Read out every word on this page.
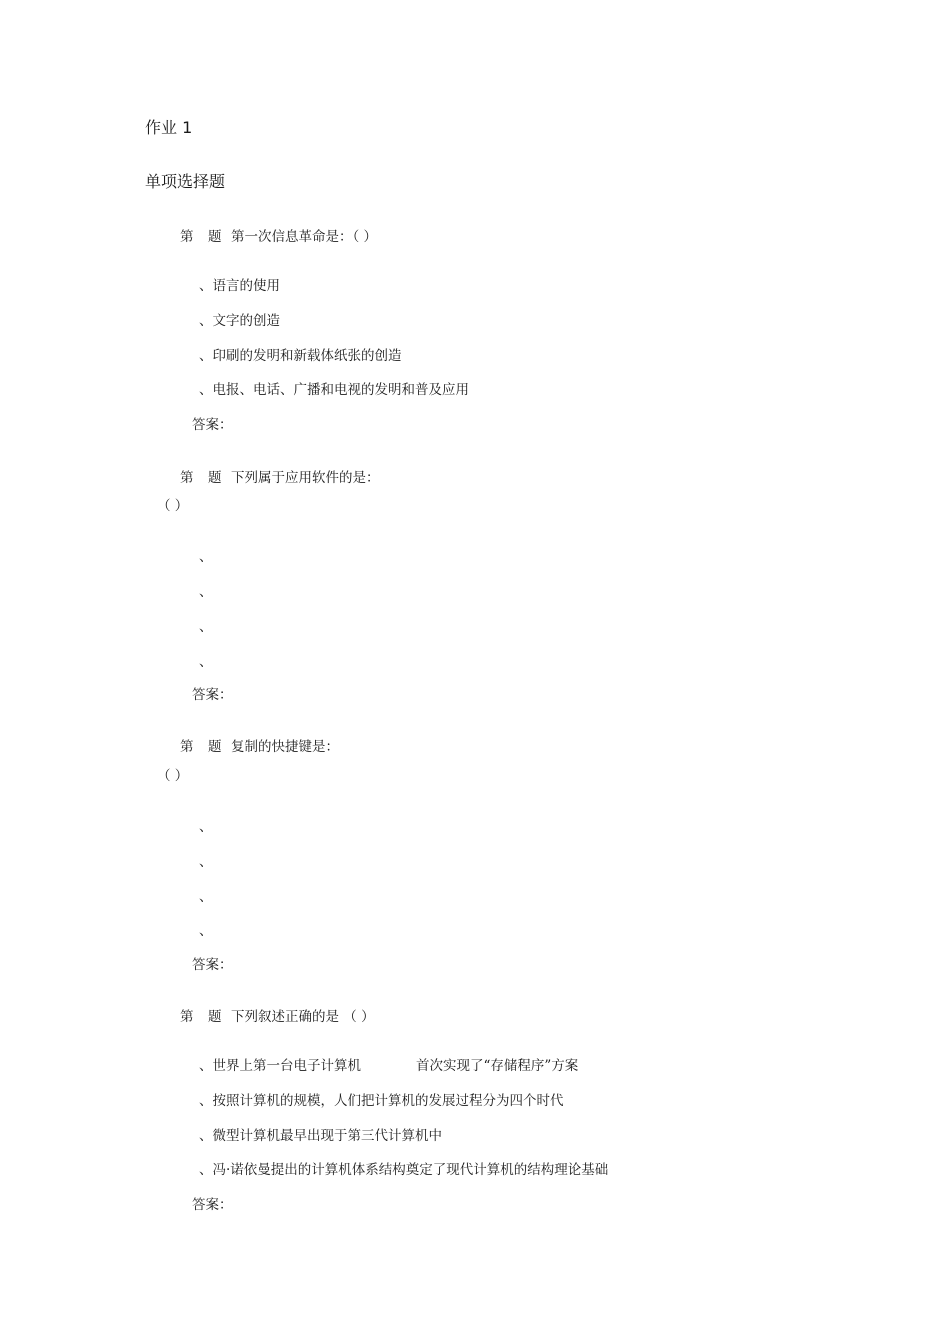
作业 1
单项选择题
第 题 第一次信息革命是：（ ）
、语言的使用
、文字的创造
、印刷的发明和新载体纸张的创造
、电报、电话、广播和电视的发明和普及应用
答案：
第 题 下列属于应用软件的是：
（ ）
、
、
、
、
答案：
第 题 复制的快捷键是：
（ ）
、
、
、
、
答案：
第 题 下列叙述正确的是 （ ）
、世界上第一台电子计算机	首次实现了“存储程序”方案
、按照计算机的规模，人们把计算机的发展过程分为四个时代
、微型计算机最早出现于第三代计算机中
、冯·诺依曼提出的计算机体系结构奠定了现代计算机的结构理论基础
答案：
